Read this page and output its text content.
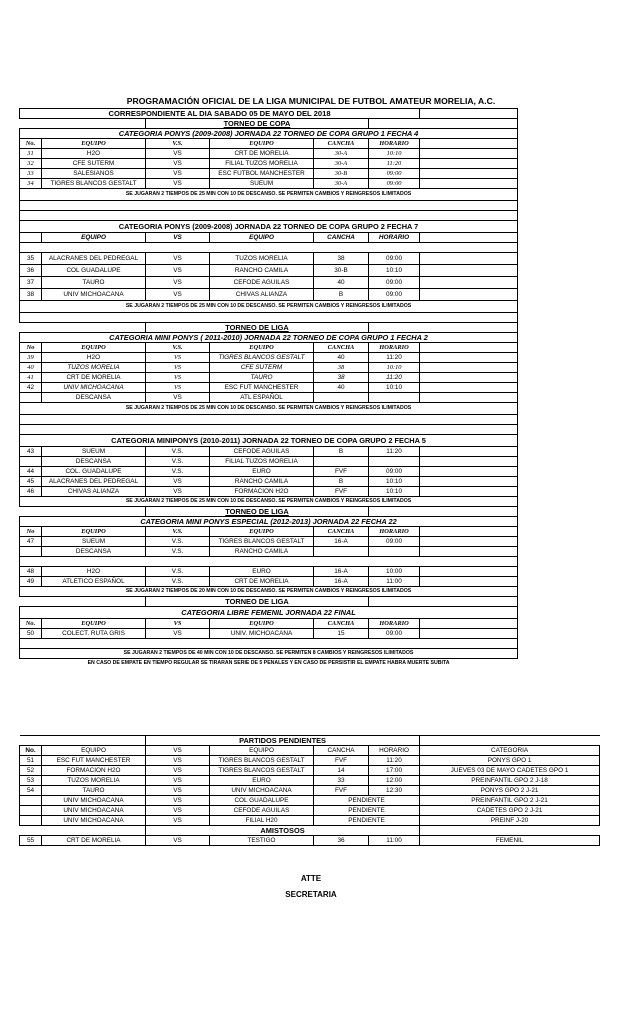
PROGRAMACIÓN OFICIAL DE LA LIGA MUNICIPAL DE FUTBOL AMATEUR MORELIA, A.C.
CORRESPONDIENTE AL DIA SABADO 05 DE MAYO DEL 2018						
		TORNEO DE COPA				
CATEGORIA PONYS (2009-2008) JORNADA 22 TORNEO DE COPA GRUPO 1 FECHA 4						
No.	EQUIPO	V.S.	EQUIPO	CANCHA	HORARIO	
31	H2O	VS	CRT DE MORELIA	30-A	10:10	
32	CFE SUTERM	VS	FILIAL TUZOS MORELIA	30-A	11:20	
33	SALESIANOS	VS	ESC FUTBOL MANCHESTER	30-B	09:00	
34	TIGRES BLANCOS GESTALT	VS	SUEUM	30-A	09:00	
SE JUGARAN 2 TIEMPOS DE 25 MIN CON 10 DE DESCANSO. SE PERMITEN CAMBIOS Y REINGRESOS ILIMITADOS						

CATEGORIA PONYS (2009-2008) JORNADA 22 TORNEO DE COPA GRUPO 2 FECHA 7						
	EQUIPO	VS	EQUIPO	CANCHA	HORARIO	

35	ALACRANES DEL PEDREGAL	VS	TUZOS MORELIA	38	09:00	
36	COL GUADALUPE	VS	RANCHO CAMILA	30-B	10:10	
37	TAURO	VS	CEFODE AGUILAS	40	09:00	
38	UNIV MICHOACANA	VS	CHIVAS ALIANZA	B	09:00	
SE JUGARAN 2 TIEMPOS DE 25 MIN CON 10 DE DESCANSO. SE PERMITEN CAMBIOS Y REINGRESOS ILIMITADOS						

		TORNEO DE LIGA				
CATEGORIA MINI PONYS ( 2011-2010) JORNADA 22 TORNEO DE COPA GRUPO 1 FECHA 2						
No	EQUIPO	V.S.	EQUIPO	CANCHA	HORARIO	
39	H2O	VS	TIGRES BLANCOS GESTALT	40	11:20	
40	TUZOS MORELIA	VS	CFE SUTERM	38	10:10	
41	CRT DE MORELIA	VS	TAURO	38	11:20	
42	UNIV MICHOACANA	VS	ESC FUT MANCHESTER	40	10:10	
	DESCANSA	VS	ATL ESPAÑOL			
SE JUGARAN 2 TIEMPOS DE 25 MIN CON 10 DE DESCANSO. SE PERMITEN CAMBIOS Y REINGRESOS ILIMITADOS						

CATEGORIA MINIPONYS (2010-2011) JORNADA 22 TORNEO DE COPA GRUPO 2 FECHA 5						
43	SUEUM	V.S.	CEFODE AGUILAS	B	11:20	
	DESCANSA	V.S.	FILIAL TUZOS MORELIA			
44	COL. GUADALUPE	V.S.	EURO	FVF	09:00	
45	ALACRANES DEL PEDREGAL	VS	RANCHO CAMILA	B	10:10	
46	CHIVAS ALIANZA	VS	FORMACION H2O	FVF	10:10	
SE JUGARAN 2 TIEMPOS DE 25 MIN CON 10 DE DESCANSO. SE PERMITEN CAMBIOS Y REINGRESOS ILIMITADOS						
		TORNEO DE LIGA				
CATEGORIA MINI PONYS ESPECIAL (2012-2013) JORNADA 22 FECHA 22						
No	EQUIPO	V.S.	EQUIPO	CANCHA	HORARIO	
47	SUEUM	V.S.	TIGRES BLANCOS GESTALT	16-A	09:00	
	DESCANSA	V.S.	RANCHO CAMILA			

48	H2O	V.S.	EURO	16-A	10:00	
49	ATLETICO ESPAÑOL	V.S.	CRT DE MORELIA	16-A	11:00	
SE JUGARAN 2 TIEMPOS DE 20 MIN CON 10 DE DESCANSO. SE PERMITEN CAMBIOS Y REINGRESOS ILIMITADOS						
		TORNEO DE LIGA				
CATEGORIA LIBRE FEMENIL JORNADA 22 FINAL						
No.	EQUIPO	VS	EQUIPO	CANCHA	HORARIO	
50	COLECT. RUTA GRIS	VS	UNIV. MICHOACANA	15	09:00	

SE JUGARAN 2 TIEMPOS DE 40 MIN CON 10 DE DESCANSO. SE PERMITEN 8 CAMBIOS Y REINGRESOS ILIMITADOS						
EN CASO DE EMPATE EN TIEMPO REGULAR SE TIRARAN SERIE DE 5 PENALES Y EN CASO DE PERSISTIR EL EMPATE HABRA MUERTE SUBITA						
		PARTIDOS PENDIENTES				
No.	EQUIPO	VS	EQUIPO	CANCHA	HORARIO	CATEGORIA
51	ESC FUT MANCHESTER	VS	TIGRES BLANCOS GESTALT	FVF	11:20	PONYS GPO 1
52	FORMACION H2O	VS	TIGRES BLANCOS GESTALT	14	17:00	JUEVES 03 DE MAYO CADETES GPO 1
53	TUZOS MORELIA	VS	EURO	33	12:00	PREINFANTIL GPO 2 J-18
54	TAURO	VS	UNIV MICHOACANA	FVF	12:30	PONYS GPO 2 J-21
	UNIV MICHOACANA	VS	COL GUADALUPE	PENDIENTE		PREINFANTIL GPO 2 J-21
	UNIV MICHOACANA	VS	CEFODE AGUILAS	PENDIENTE		CADETES GPO 2 J-21
	UNIV MICHOACANA	VS	FILIAL H20	PENDIENTE		PREINF J-20
		AMISTOSOS				
55	CRT DE MORELIA	VS	TESTIGO	36	11:00	FEMENIL
ATTE
SECRETARIA
